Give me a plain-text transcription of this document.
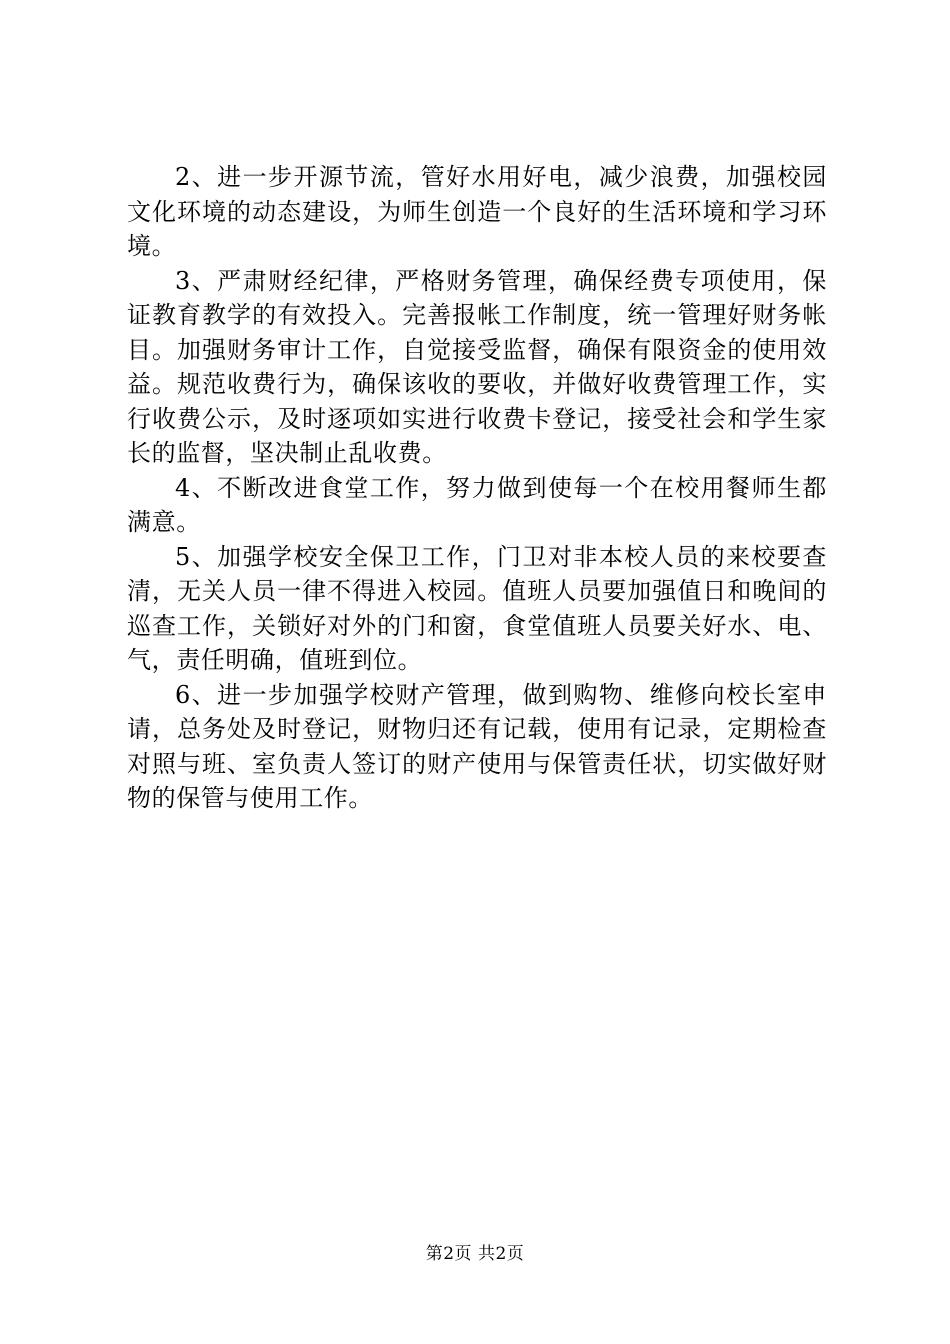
2、进一步开源节流，管好水用好电，减少浪费，加强校园文化环境的动态建设，为师生创造一个良好的生活环境和学习环境。

3、严肃财经纪律，严格财务管理，确保经费专项使用，保证教育教学的有效投入。完善报帐工作制度，统一管理好财务帐目。加强财务审计工作，自觉接受监督，确保有限资金的使用效益。规范收费行为，确保该收的要收，并做好收费管理工作，实行收费公示，及时逐项如实进行收费卡登记，接受社会和学生家长的监督，坚决制止乱收费。

4、不断改进食堂工作，努力做到使每一个在校用餐师生都满意。

5、加强学校安全保卫工作，门卫对非本校人员的来校要查清，无关人员一律不得进入校园。值班人员要加强值日和晚间的巡查工作，关锁好对外的门和窗，食堂值班人员要关好水、电、气，责任明确，值班到位。

6、进一步加强学校财产管理，做到购物、维修向校长室申请，总务处及时登记，财物归还有记载，使用有记录，定期检查对照与班、室负责人签订的财产使用与保管责任状，切实做好财物的保管与使用工作。

第2页 共2页
